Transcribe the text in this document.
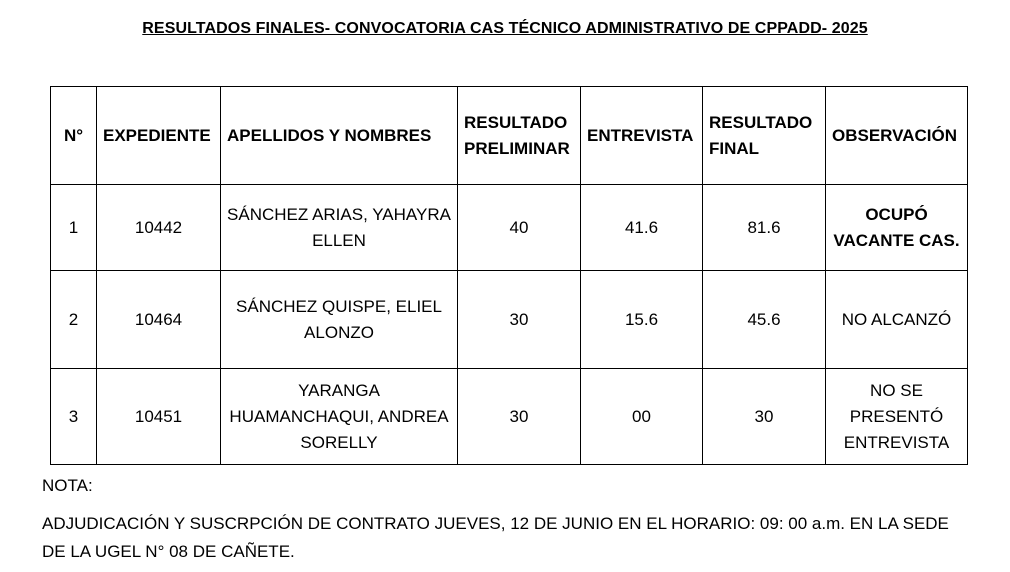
RESULTADOS FINALES- CONVOCATORIA CAS TÉCNICO ADMINISTRATIVO DE CPPADD- 2025
N°	EXPEDIENTE	APELLIDOS Y NOMBRES	RESULTADO PRELIMINAR	ENTREVISTA	RESULTADO FINAL	OBSERVACIÓN
1	10442	SÁNCHEZ ARIAS, YAHAYRA ELLEN	40	41.6	81.6	OCUPÓ VACANTE CAS.
2	10464	SÁNCHEZ QUISPE, ELIEL ALONZO	30	15.6	45.6	NO ALCANZÓ
3	10451	YARANGA HUAMANCHAQUI, ANDREA SORELLY	30	00	30	NO SE PRESENTÓ ENTREVISTA
NOTA:
ADJUDICACIÓN Y SUSCRPCIÓN DE CONTRATO JUEVES, 12 DE JUNIO EN EL HORARIO: 09: 00 a.m. EN LA SEDE DE LA UGEL N° 08 DE CAÑETE.
